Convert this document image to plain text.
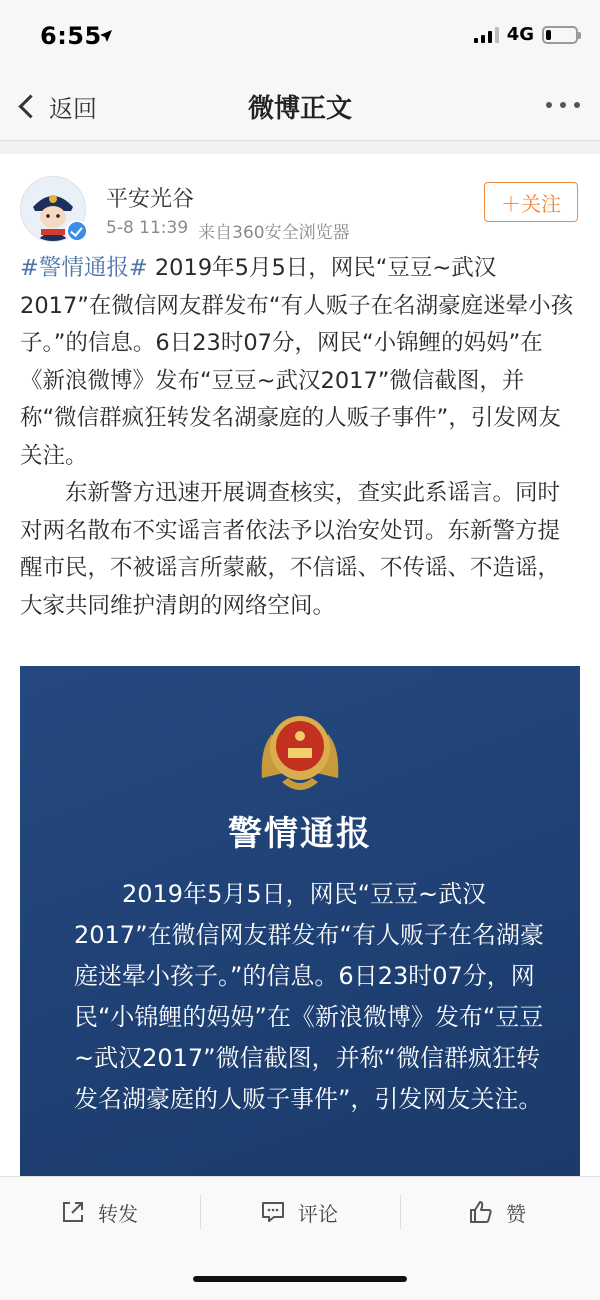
6:55	4G
返回	微博正文
平安光谷
5-8 11:39 来自360安全浏览器
＋关注

#警情通报# 2019年5月5日，网民“豆豆~武汉2017”在微信网友群发布“有人贩子在名湖豪庭迷晕小孩子。”的信息。6日23时07分，网民“小锦鲤的妈妈”在《新浪微博》发布“豆豆~武汉2017”微信截图，并称“微信群疯狂转发名湖豪庭的人贩子事件”，引发网友关注。

东新警方迅速开展调查核实，查实此系谣言。同时对两名散布不实谣言者依法予以治安处罚。东新警方提醒市民，不被谣言所蒙蔽，不信谣、不传谣、不造谣，大家共同维护清朗的网络空间。

警情通报

2019年5月5日，网民“豆豆~武汉2017”在微信网友群发布“有人贩子在名湖豪庭迷晕小孩子。”的信息。6日23时07分，网民“小锦鲤的妈妈”在《新浪微博》发布“豆豆~武汉2017”微信截图，并称“微信群疯狂转发名湖豪庭的人贩子事件”，引发网友关注。

转发	评论	赞
